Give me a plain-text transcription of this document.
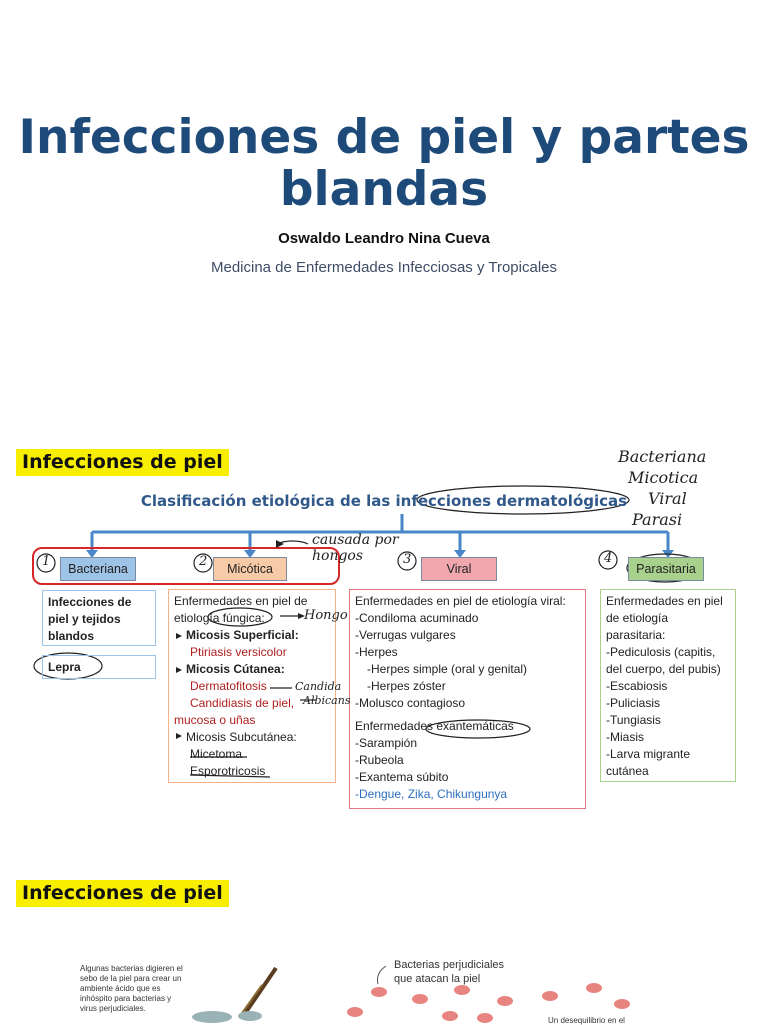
Infecciones de piel y partes blandas
Oswaldo Leandro Nina Cueva
Medicina de Enfermedades Infecciosas y Tropicales
Infecciones de piel
Clasificación etiológica de las infecciones dermatológicas
Bacteriana	Micótica	Viral	Parasitaria
Infecciones de
piel y tejidos
blandos
Lepra
Enfermedades en piel de
etiología fúngica:
Micosis Superficial:
Ptiriasis versicolor
Micosis Cútanea:
Dermatofitosis
Candidiasis de piel,
mucosa o uñas
Micosis Subcutánea:
Micetoma
Esporotricosis
Enfermedades en piel de etiología viral:
-Condiloma acuminado
-Verrugas vulgares
-Herpes
-Herpes simple (oral y genital)
-Herpes zóster
-Molusco contagioso
Enfermedades exantemáticas
-Sarampión
-Rubeola
-Exantema súbito
-Dengue, Zika, Chikungunya
Enfermedades en piel
de etiología
parasitaria:
-Pediculosis (capitis,
del cuerpo, del pubis)
-Escabiosis
-Puliciasis
-Tungiasis
-Miasis
-Larva migrante
cutánea
Bacteriana
Micotica
Viral
Parasi
1	2	3	4
causada por
hongos
Hongo
Candida
Albicans
Infecciones de piel
Algunas bacterias digieren el
sebo de la piel para crear un
ambiente ácido que es
inhóspito para bacterias y
virus perjudiciales.
Bacterias perjudiciales
que atacan la piel
Un desequilibrio en el
